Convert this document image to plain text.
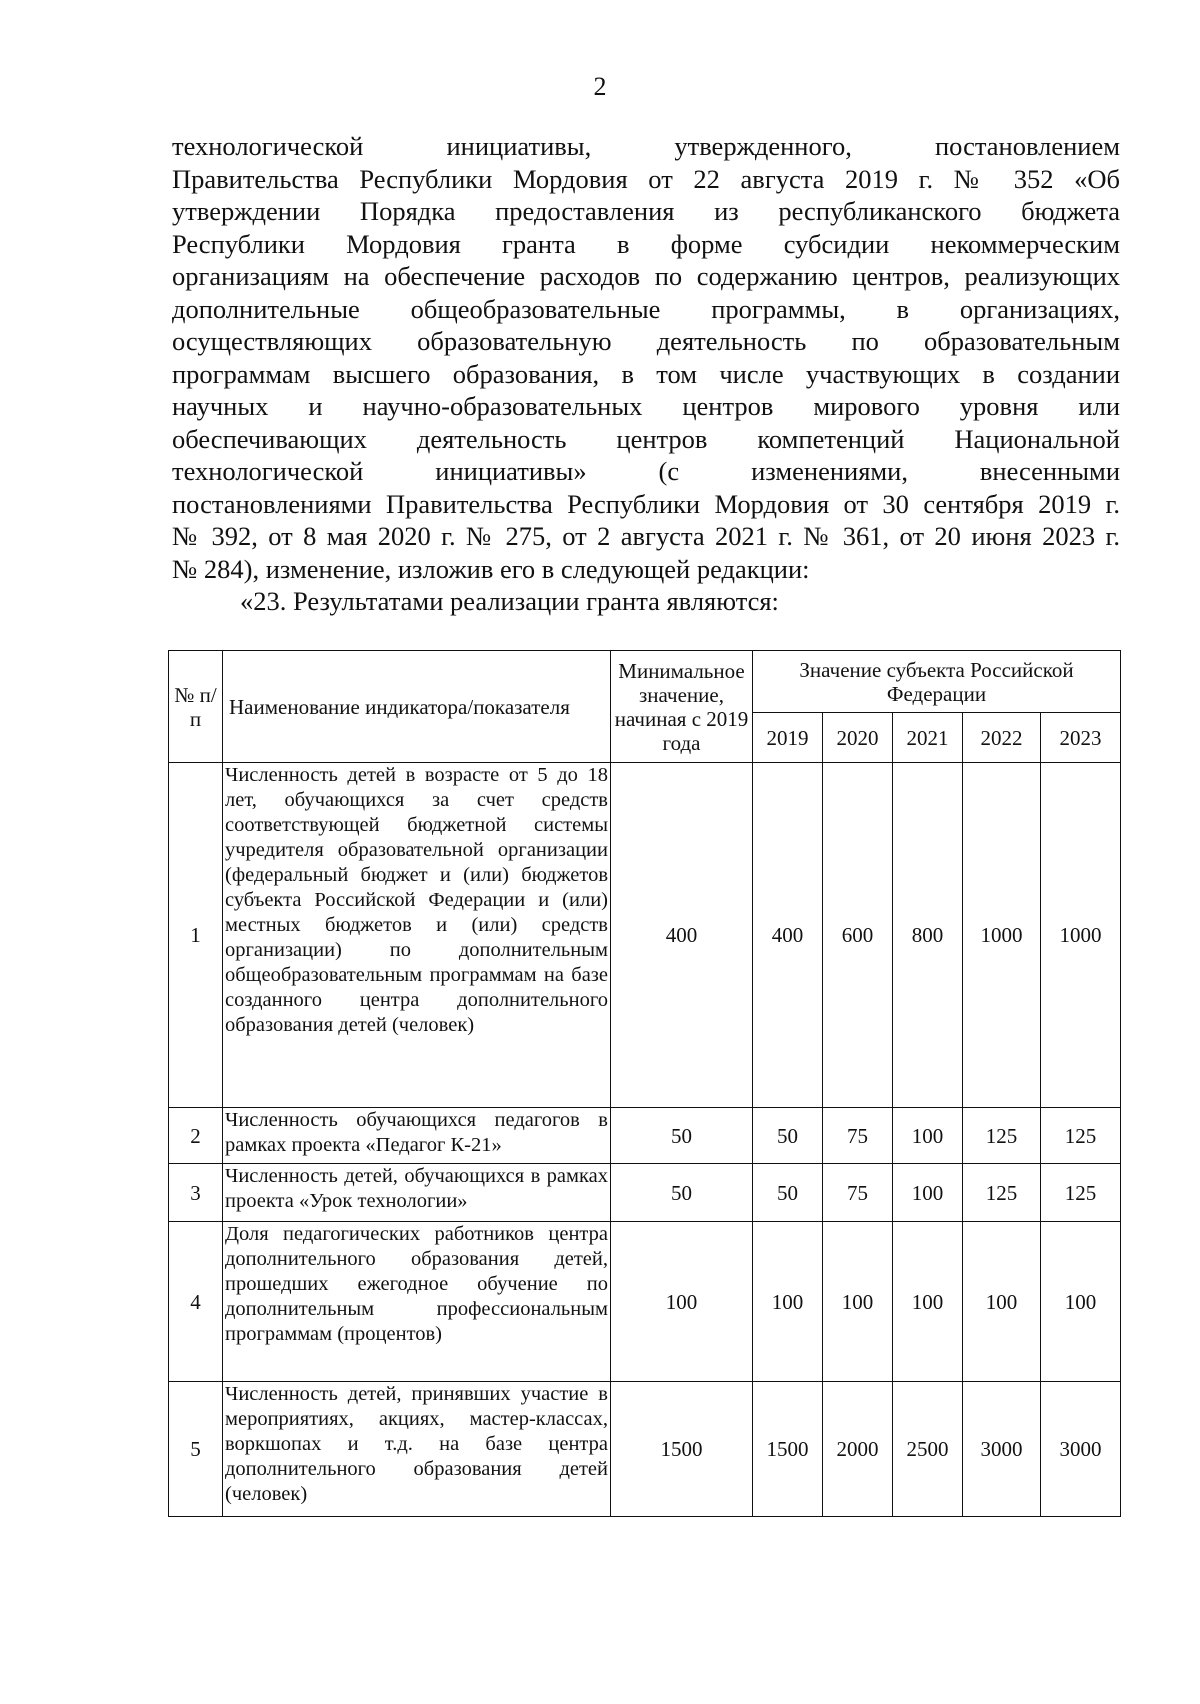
2
технологической инициативы, утвержденного, постановлением
Правительства Республики Мордовия от 22 августа 2019 г. № 352 «Об
утверждении Порядка предоставления из республиканского бюджета
Республики Мордовия гранта в форме субсидии некоммерческим
организациям на обеспечение расходов по содержанию центров, реализующих
дополнительные общеобразовательные программы, в организациях,
осуществляющих образовательную деятельность по образовательным
программам высшего образования, в том числе участвующих в создании
научных и научно-образовательных центров мирового уровня или
обеспечивающих деятельность центров компетенций Национальной
технологической инициативы» (с изменениями, внесенными
постановлениями Правительства Республики Мордовия от 30 сентября 2019 г.
№ 392, от 8 мая 2020 г. № 275, от 2 августа 2021 г. № 361, от 20 июня 2023 г.
№ 284), изменение, изложив его в следующей редакции:
«23. Результатами реализации гранта являются:
№ п/п	Наименование индикатора/показателя	Минимальное значение, начиная с 2019 года	Значение субъекта Российской Федерации				
			2019	2020	2021	2022	2023
1	Численность детей в возрасте от 5 до 18 лет, обучающихся за счет средств соответствующей бюджетной системы учредителя образовательной организации (федеральный бюджет и (или) бюджетов субъекта Российской Федерации и (или) местных бюджетов и (или) средств организации) по дополнительным общеобразовательным программам на базе созданного центра дополнительного образования детей (человек)	400	400	600	800	1000	1000
2	Численность обучающихся педагогов в рамках проекта «Педагог К-21»	50	50	75	100	125	125
3	Численность детей, обучающихся в рамках проекта «Урок технологии»	50	50	75	100	125	125
4	Доля педагогических работников центра дополнительного образования детей, прошедших ежегодное обучение по дополнительным профессиональным программам (процентов)	100	100	100	100	100	100
5	Численность детей, принявших участие в мероприятиях, акциях, мастер-классах, воркшопах и т.д. на базе центра дополнительного образования детей (человек)	1500	1500	2000	2500	3000	3000
